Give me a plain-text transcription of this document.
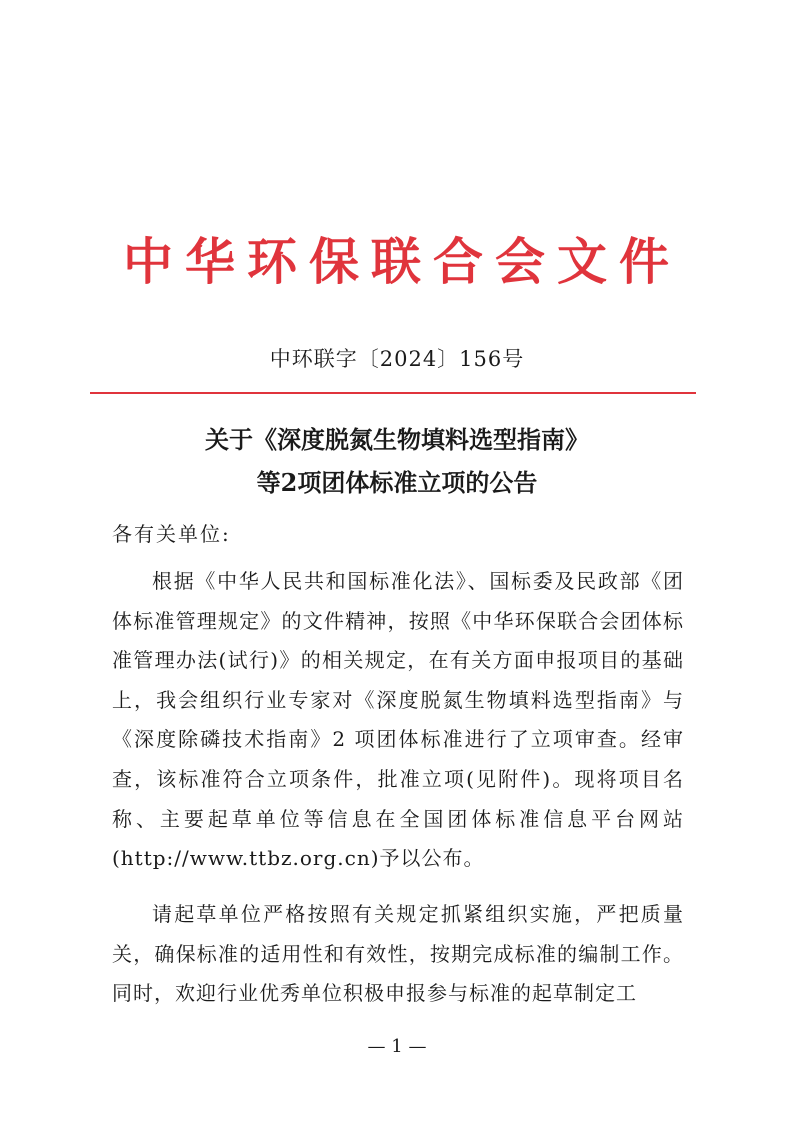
中华环保联合会文件
中环联字〔2024〕156号
关于《深度脱氮生物填料选型指南》
等2项团体标准立项的公告
各有关单位:
根据《中华人民共和国标准化法》、国标委及民政部《团体标准管理规定》的文件精神，按照《中华环保联合会团体标准管理办法(试行)》的相关规定，在有关方面申报项目的基础上，我会组织行业专家对《深度脱氮生物填料选型指南》与《深度除磷技术指南》2 项团体标准进行了立项审查。经审查，该标准符合立项条件，批准立项(见附件)。现将项目名称、主要起草单位等信息在全国团体标准信息平台网站(http://www.ttbz.org.cn)予以公布。
请起草单位严格按照有关规定抓紧组织实施，严把质量关，确保标准的适用性和有效性，按期完成标准的编制工作。同时，欢迎行业优秀单位积极申报参与标准的起草制定工
— 1 —
